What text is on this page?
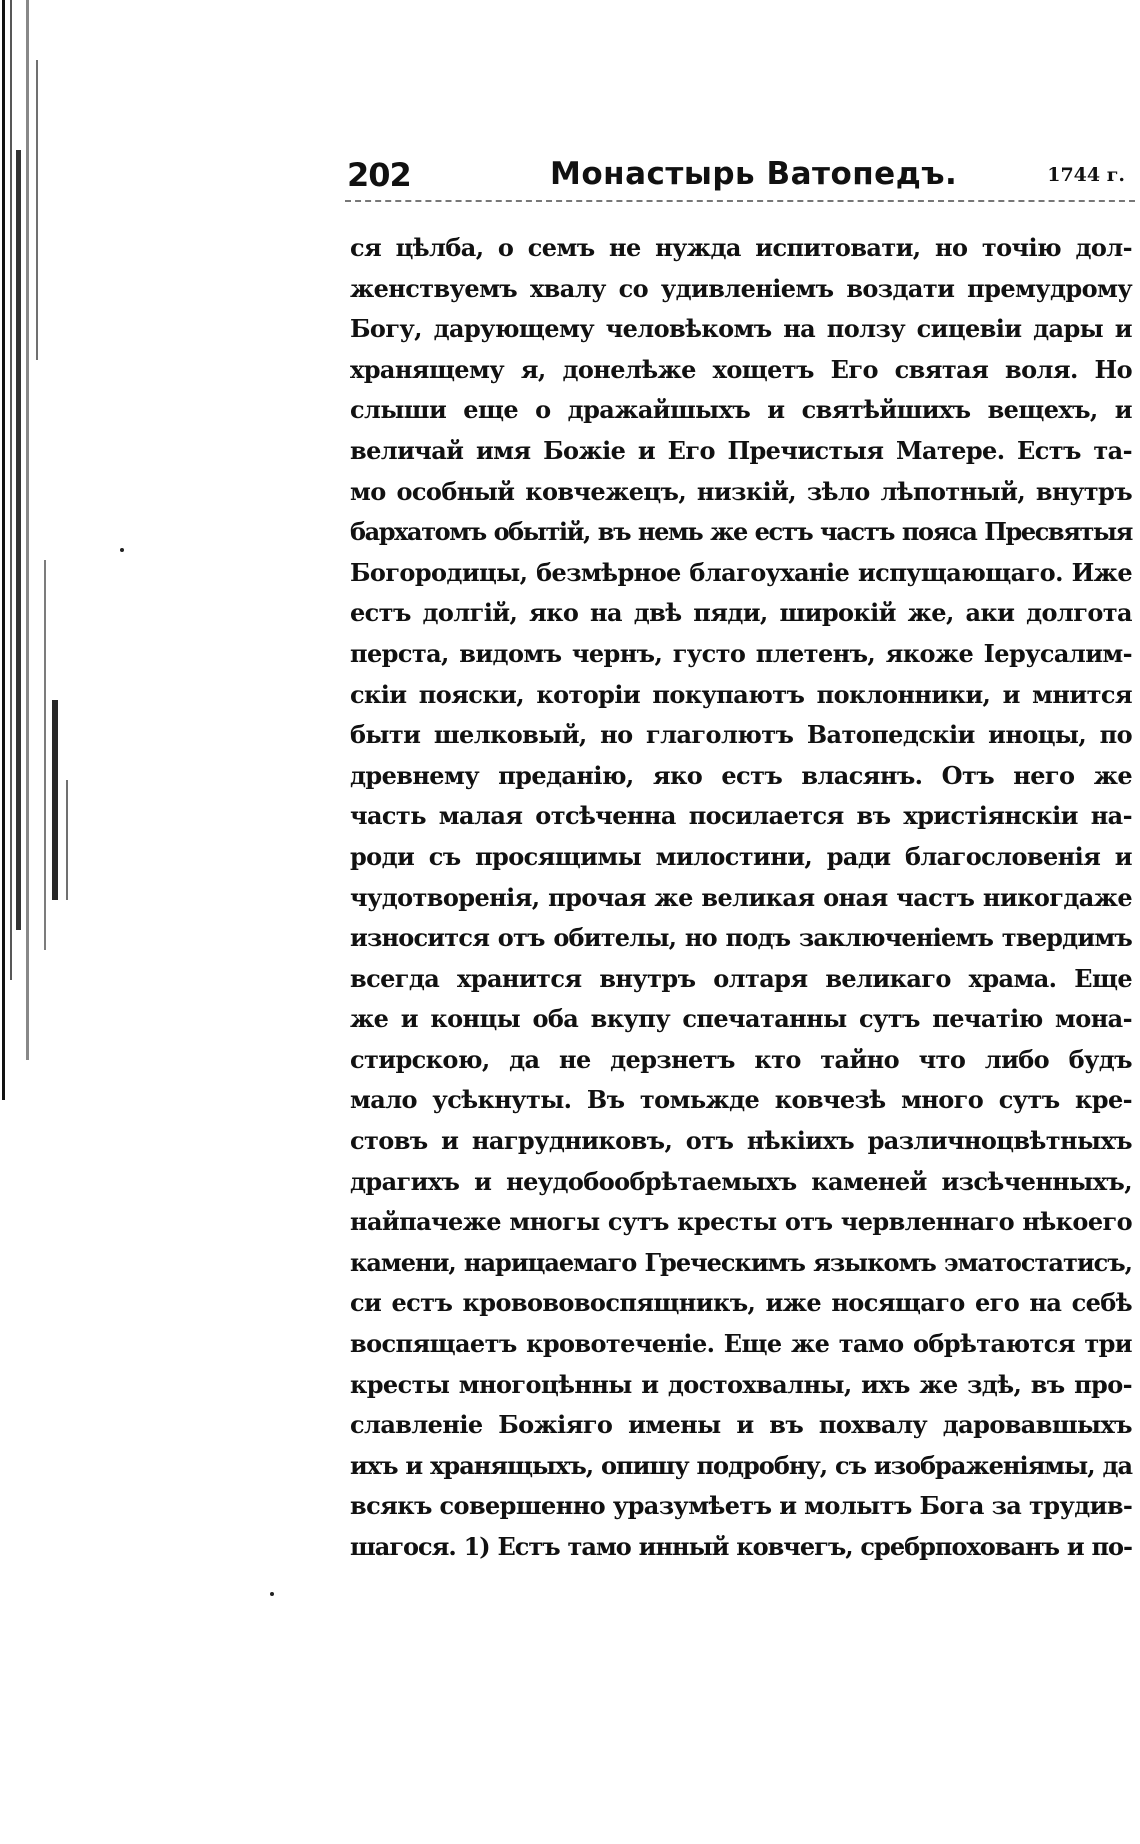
202	Монастырь Ватопедъ.	1744 г.
ся цѣлба, о семъ не нужда испитовати, но точію дол-
женствуемъ хвалу со удивленіемъ воздати премудрому
Богу, дарующему человѣкомъ на ползу сицевіи дары и
хранящему я, донелѣже хощетъ Его святая воля. Но
слыши еще о дражайшыхъ и святѣйшихъ вещехъ, и
величай имя Божіе и Его Пречистыя Матере. Естъ та-
мо особный ковчежецъ, низкій, зѣло лѣпотный, внутръ
бархатомъ обытій, въ немь же естъ частъ пояса Пресвятыя
Богородицы, безмѣрное благоуханіе испущающаго. Иже
естъ долгій, яко на двѣ пяди, широкій же, аки долгота
перста, видомъ чернъ, густо плетенъ, якоже Іерусалим-
скіи пояски, которіи покупаютъ поклонники, и мнится
быти шелковый, но глаголютъ Ватопедскіи иноцы, по
древнему преданію, яко естъ власянъ. Отъ него же
часть малая отсѣченна посилается въ христіянскіи на-
роди съ просящимы милостини, ради благословенія и
чудотворенія, прочая же великая оная частъ никогдаже
износится отъ обителы, но подъ заключеніемъ твердимъ
всегда хранится внутръ олтаря великаго храма. Еще
же и концы оба вкупу спечатанны сутъ печатію мона-
стирскою, да не дерзнетъ кто тайно что либо будъ
мало усѣкнуты. Въ томьжде ковчезѣ много сутъ кре-
стовъ и нагрудниковъ, отъ нѣкіихъ различноцвѣтныхъ
драгихъ и неудобообрѣтаемыхъ каменей изсѣченныхъ,
найпачеже многы сутъ кресты отъ червленнаго нѣкоего
камени, нарицаемаго Греческимъ языкомъ эматостатисъ,
си естъ кровововоспящникъ, иже носящаго его на себѣ
воспящаетъ кровотеченіе. Еще же тамо обрѣтаются три
кресты многоцѣнны и достохвалны, ихъ же здѣ, въ про-
славленіе Божіяго имены и въ похвалу даровавшыхъ
ихъ и хранящыхъ, опишу подробну, съ изображеніямы, да
всякъ совершенно уразумѣетъ и молытъ Бога за трудив-
шагося. 1) Естъ тамо инный ковчегъ, сребрпохованъ и по-
